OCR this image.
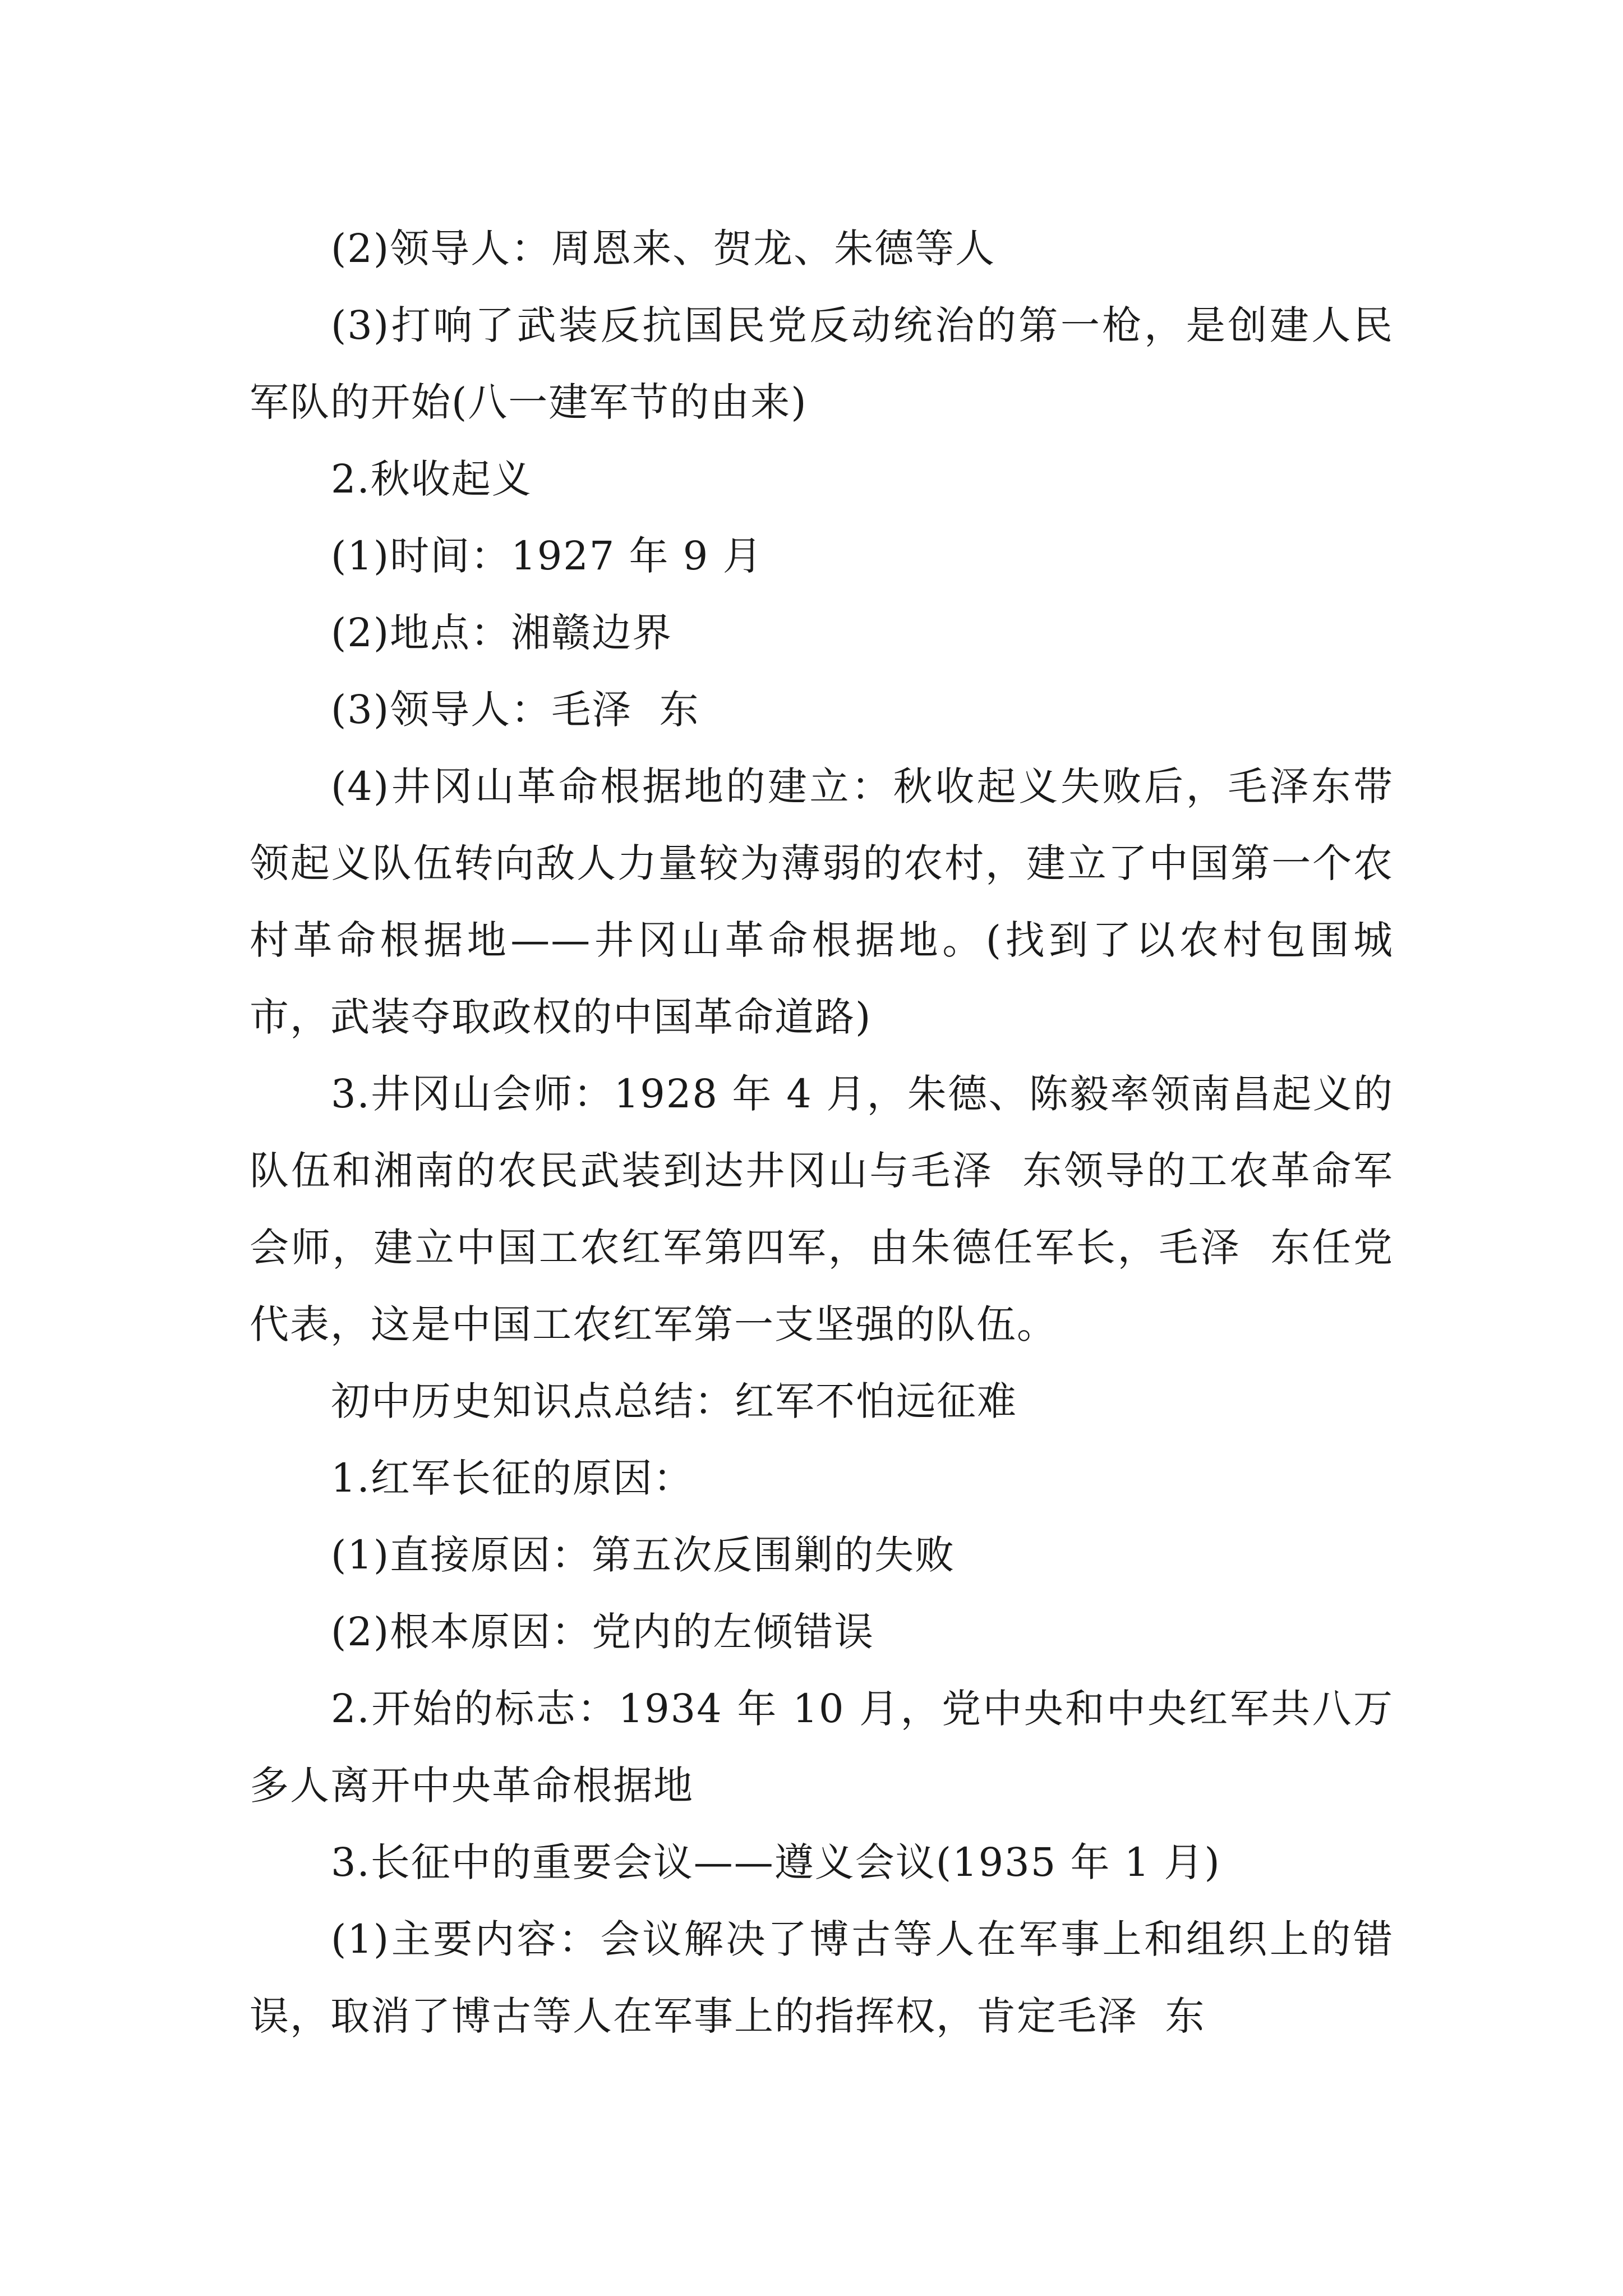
(2)领导人：周恩来、贺龙、朱德等人

(3)打响了武装反抗国民党反动统治的第一枪，是创建人民军队的开始(八一建军节的由来)

2.秋收起义

(1)时间：1927 年 9 月

(2)地点：湘赣边界

(3)领导人：毛泽  东

(4)井冈山革命根据地的建立：秋收起义失败后，毛泽东带领起义队伍转向敌人力量较为薄弱的农村，建立了中国第一个农村革命根据地——井冈山革命根据地。(找到了以农村包围城市，武装夺取政权的中国革命道路)

3.井冈山会师：1928 年 4 月，朱德、陈毅率领南昌起义的队伍和湘南的农民武装到达井冈山与毛泽  东领导的工农革命军会师，建立中国工农红军第四军，由朱德任军长，毛泽  东任党代表，这是中国工农红军第一支坚强的队伍。

初中历史知识点总结：红军不怕远征难

1.红军长征的原因：

(1)直接原因：第五次反围剿的失败

(2)根本原因：党内的左倾错误

2.开始的标志：1934 年 10 月，党中央和中央红军共八万多人离开中央革命根据地

3.长征中的重要会议——遵义会议(1935 年 1 月)

(1)主要内容：会议解决了博古等人在军事上和组织上的错误，取消了博古等人在军事上的指挥权，肯定毛泽  东
